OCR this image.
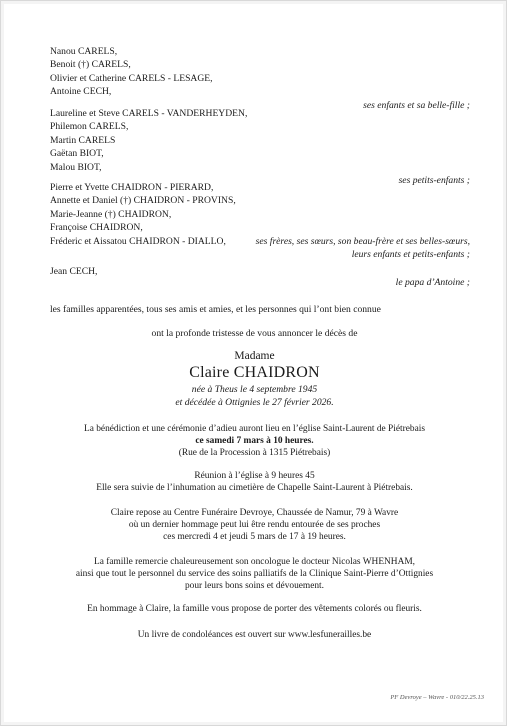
Nanou CARELS,
Benoit (†) CARELS,
Olivier et Catherine CARELS - LESAGE,
Antoine CECH,
ses enfants et sa belle-fille ;
Laureline et Steve CARELS - VANDERHEYDEN,
Philemon CARELS,
Martin CARELS
Gaëtan BIOT,
Malou BIOT,
ses petits-enfants ;
Pierre et Yvette CHAIDRON - PIERARD,
Annette et Daniel (†) CHAIDRON - PROVINS,
Marie-Jeanne (†) CHAIDRON,
Françoise CHAIDRON,
Fréderic et Aissatou CHAIDRON - DIALLO,	ses frères, ses sœurs, son beau-frère et ses belles-sœurs,
leurs enfants et petits-enfants ;
Jean CECH,
le papa d’Antoine ;
les familles apparentées, tous ses amis et amies, et les personnes qui l’ont bien connue
ont la profonde tristesse de vous annoncer le décès de
Madame
Claire CHAIDRON
née à Theus le 4 septembre 1945
et décédée à Ottignies le 27 février 2026.
La bénédiction et une cérémonie d’adieu auront lieu en l’église Saint-Laurent de Piétrebais
ce samedi 7 mars à 10 heures.
(Rue de la Procession à 1315 Piétrebais)
Réunion à l’église à 9 heures 45
Elle sera suivie de l’inhumation au cimetière de Chapelle Saint-Laurent à Piétrebais.
Claire repose au Centre Funéraire Devroye, Chaussée de Namur, 79 à Wavre
où un dernier hommage peut lui être rendu entourée de ses proches
ces mercredi 4 et jeudi 5 mars de 17 à 19 heures.
La famille remercie chaleureusement son oncologue le docteur Nicolas WHENHAM,
ainsi que tout le personnel du service des soins palliatifs de la Clinique Saint-Pierre d’Ottignies
pour leurs bons soins et dévouement.
En hommage à Claire, la famille vous propose de porter des vêtements colorés ou fleuris.
Un livre de condoléances est ouvert sur www.lesfunerailles.be
PF Devroye – Wavre - 010/22.25.13
